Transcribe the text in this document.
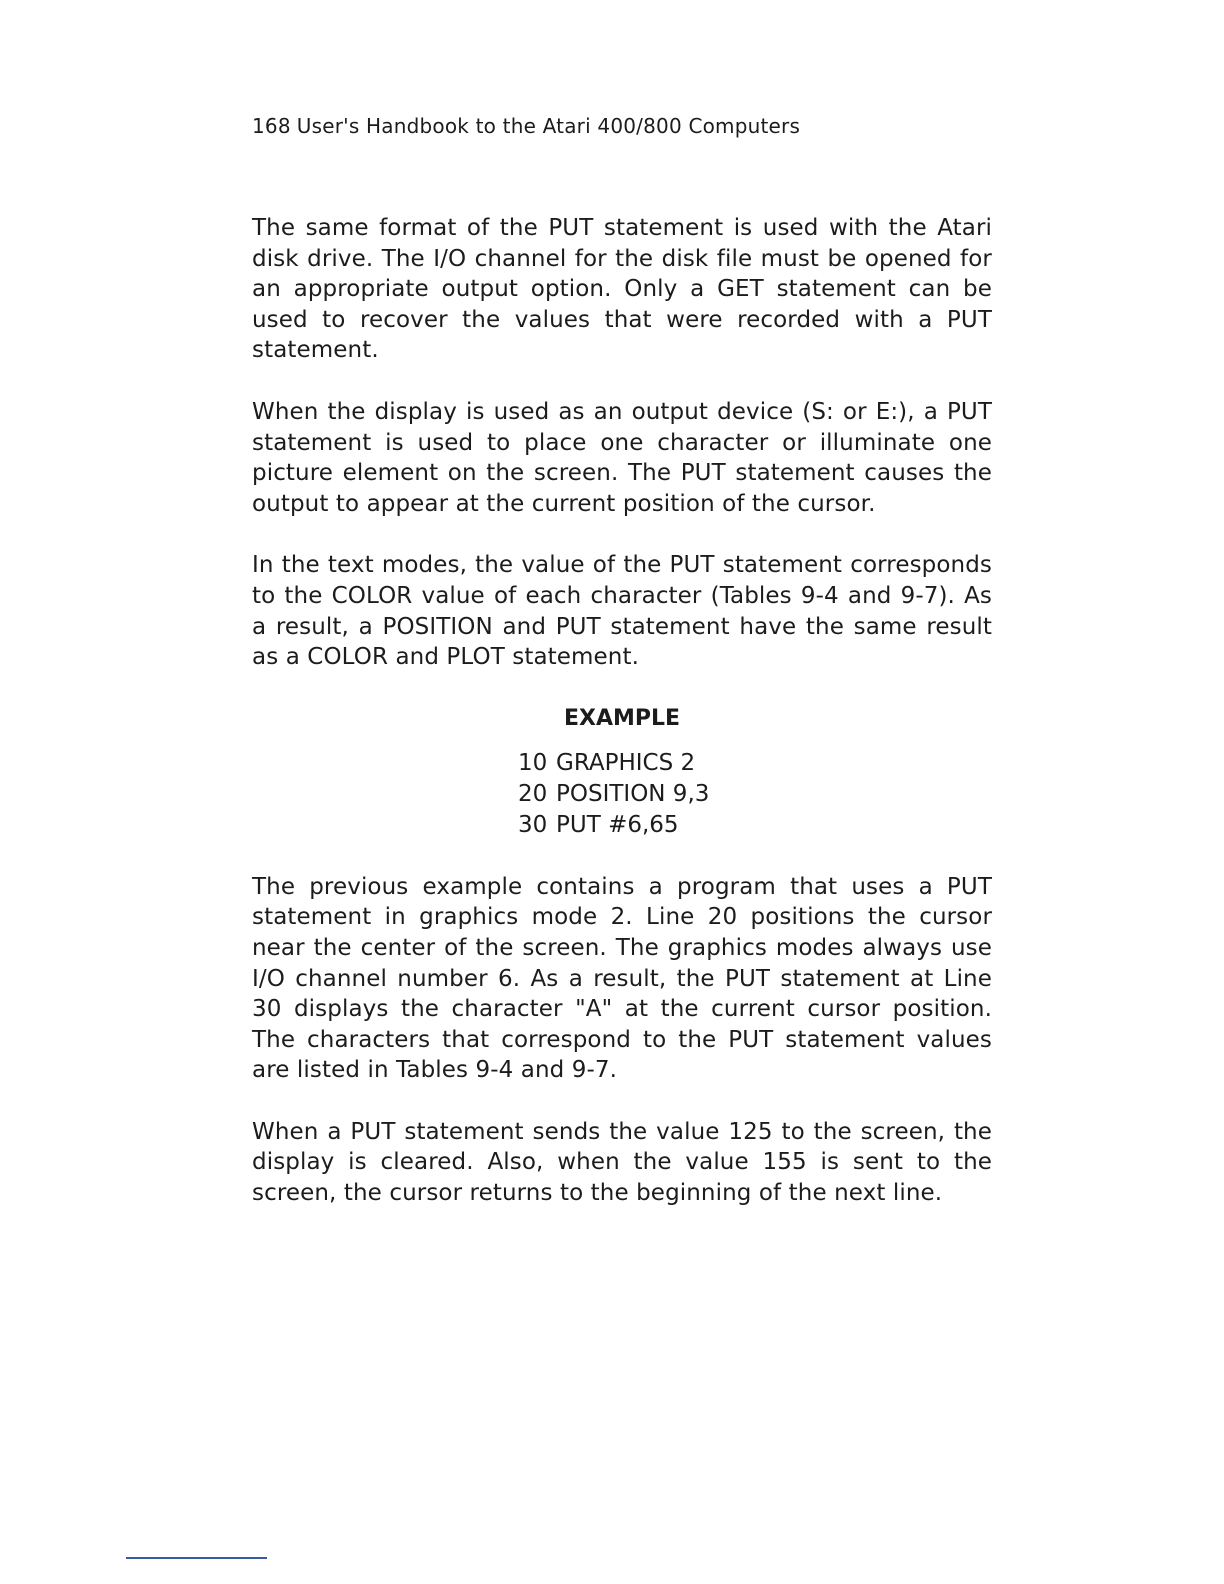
168 User's Handbook to the Atari 400/800 Computers

The same format of the PUT statement is used with the Atari disk drive. The I/O channel for the disk file must be opened for an appropriate output option. Only a GET statement can be used to recover the values that were recorded with a PUT statement.

When the display is used as an output device (S: or E:), a PUT statement is used to place one character or illuminate one picture element on the screen. The PUT statement causes the output to appear at the current position of the cursor.

In the text modes, the value of the PUT statement corresponds to the COLOR value of each character (Tables 9-4 and 9-7). As a result, a POSITION and PUT statement have the same result as a COLOR and PLOT statement.

EXAMPLE
10 GRAPHICS 2
20 POSITION 9,3
30 PUT #6,65

The previous example contains a program that uses a PUT statement in graphics mode 2. Line 20 positions the cursor near the center of the screen. The graphics modes always use I/O channel number 6. As a result, the PUT statement at Line 30 displays the character "A" at the current cursor position. The characters that correspond to the PUT statement values are listed in Tables 9-4 and 9-7.

When a PUT statement sends the value 125 to the screen, the display is cleared. Also, when the value 155 is sent to the screen, the cursor returns to the beginning of the next line.
